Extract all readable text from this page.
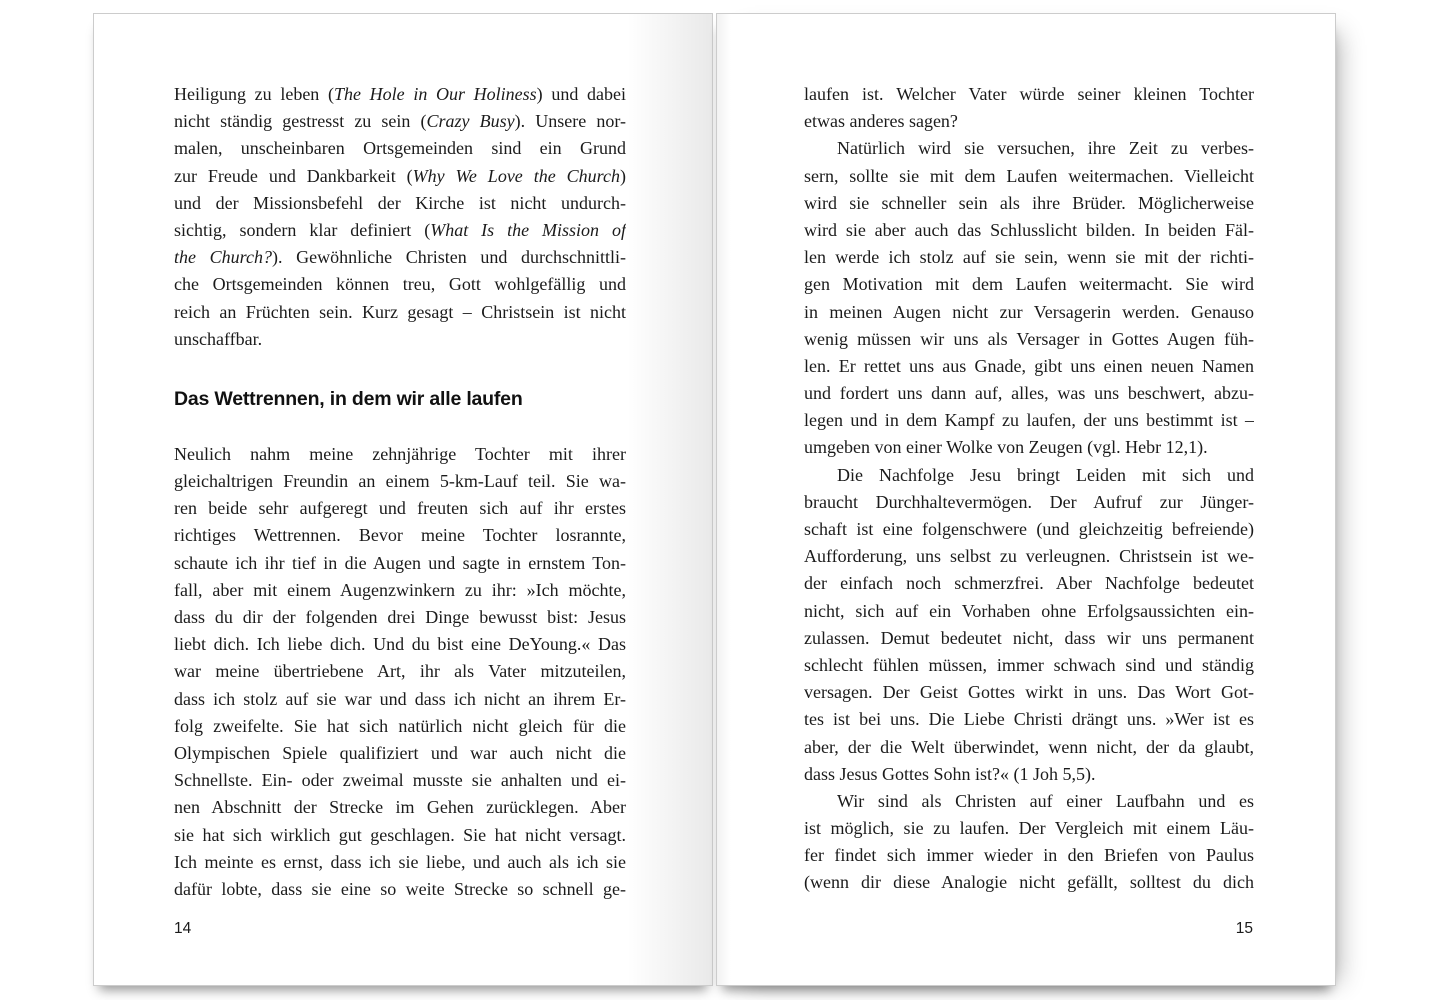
Heiligung zu leben (The Hole in Our Holiness) und dabei
nicht ständig gestresst zu sein (Crazy Busy). Unsere nor-
malen, unscheinbaren Ortsgemeinden sind ein Grund
zur Freude und Dankbarkeit (Why We Love the Church)
und der Missionsbefehl der Kirche ist nicht undurch-
sichtig, sondern klar definiert (What Is the Mission of
the Church?). Gewöhnliche Christen und durchschnittli-
che Ortsgemeinden können treu, Gott wohlgefällig und
reich an Früchten sein. Kurz gesagt – Christsein ist nicht
unschaffbar.
Das Wettrennen, in dem wir alle laufen
Neulich nahm meine zehnjährige Tochter mit ihrer
gleichaltrigen Freundin an einem 5-km-Lauf teil. Sie wa-
ren beide sehr aufgeregt und freuten sich auf ihr erstes
richtiges Wettrennen. Bevor meine Tochter losrannte,
schaute ich ihr tief in die Augen und sagte in ernstem Ton-
fall, aber mit einem Augenzwinkern zu ihr: »Ich möchte,
dass du dir der folgenden drei Dinge bewusst bist: Jesus
liebt dich. Ich liebe dich. Und du bist eine DeYoung.« Das
war meine übertriebene Art, ihr als Vater mitzuteilen,
dass ich stolz auf sie war und dass ich nicht an ihrem Er-
folg zweifelte. Sie hat sich natürlich nicht gleich für die
Olympischen Spiele qualifiziert und war auch nicht die
Schnellste. Ein- oder zweimal musste sie anhalten und ei-
nen Abschnitt der Strecke im Gehen zurücklegen. Aber
sie hat sich wirklich gut geschlagen. Sie hat nicht versagt.
Ich meinte es ernst, dass ich sie liebe, und auch als ich sie
dafür lobte, dass sie eine so weite Strecke so schnell ge-
14
laufen ist. Welcher Vater würde seiner kleinen Tochter
etwas anderes sagen?
Natürlich wird sie versuchen, ihre Zeit zu verbes-
sern, sollte sie mit dem Laufen weitermachen. Vielleicht
wird sie schneller sein als ihre Brüder. Möglicherweise
wird sie aber auch das Schlusslicht bilden. In beiden Fäl-
len werde ich stolz auf sie sein, wenn sie mit der richti-
gen Motivation mit dem Laufen weitermacht. Sie wird
in meinen Augen nicht zur Versagerin werden. Genauso
wenig müssen wir uns als Versager in Gottes Augen füh-
len. Er rettet uns aus Gnade, gibt uns einen neuen Namen
und fordert uns dann auf, alles, was uns beschwert, abzu-
legen und in dem Kampf zu laufen, der uns bestimmt ist –
umgeben von einer Wolke von Zeugen (vgl. Hebr 12,1).
Die Nachfolge Jesu bringt Leiden mit sich und
braucht Durchhaltevermögen. Der Aufruf zur Jünger-
schaft ist eine folgenschwere (und gleichzeitig befreiende)
Aufforderung, uns selbst zu verleugnen. Christsein ist we-
der einfach noch schmerzfrei. Aber Nachfolge bedeutet
nicht, sich auf ein Vorhaben ohne Erfolgsaussichten ein-
zulassen. Demut bedeutet nicht, dass wir uns permanent
schlecht fühlen müssen, immer schwach sind und ständig
versagen. Der Geist Gottes wirkt in uns. Das Wort Got-
tes ist bei uns. Die Liebe Christi drängt uns. »Wer ist es
aber, der die Welt überwindet, wenn nicht, der da glaubt,
dass Jesus Gottes Sohn ist?« (1 Joh 5,5).
Wir sind als Christen auf einer Laufbahn und es
ist möglich, sie zu laufen. Der Vergleich mit einem Läu-
fer findet sich immer wieder in den Briefen von Paulus
(wenn dir diese Analogie nicht gefällt, solltest du dich
15
